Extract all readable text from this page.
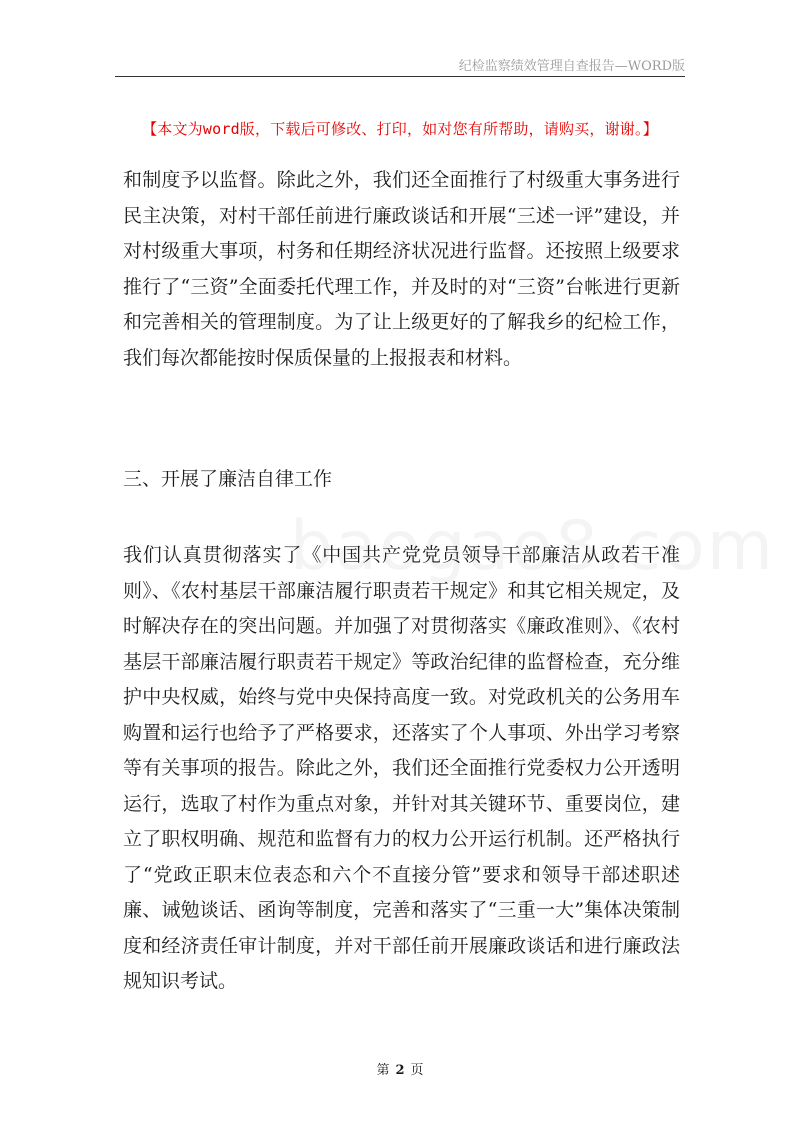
纪检监察绩效管理自查报告—WORD版
【本文为word版，下载后可修改、打印，如对您有所帮助，请购买，谢谢。】

和制度予以监督。除此之外，我们还全面推行了村级重大事务进行民主决策，对村干部任前进行廉政谈话和开展“三述一评”建设，并对村级重大事项，村务和任期经济状况进行监督。还按照上级要求推行了“三资”全面委托代理工作，并及时的对“三资”台帐进行更新和完善相关的管理制度。为了让上级更好的了解我乡的纪检工作，我们每次都能按时保质保量的上报报表和材料。

三、开展了廉洁自律工作

我们认真贯彻落实了《中国共产党党员领导干部廉洁从政若干准则》、《农村基层干部廉洁履行职责若干规定》和其它相关规定，及时解决存在的突出问题。并加强了对贯彻落实《廉政准则》、《农村基层干部廉洁履行职责若干规定》等政治纪律的监督检查，充分维护中央权威，始终与党中央保持高度一致。对党政机关的公务用车购置和运行也给予了严格要求，还落实了个人事项、外出学习考察等有关事项的报告。除此之外，我们还全面推行党委权力公开透明运行，选取了村作为重点对象，并针对其关键环节、重要岗位，建立了职权明确、规范和监督有力的权力公开运行机制。还严格执行了“党政正职末位表态和六个不直接分管”要求和领导干部述职述廉、诫勉谈话、函询等制度，完善和落实了“三重一大”集体决策制度和经济责任审计制度，并对干部任前开展廉政谈话和进行廉政法规知识考试。

第 2 页
